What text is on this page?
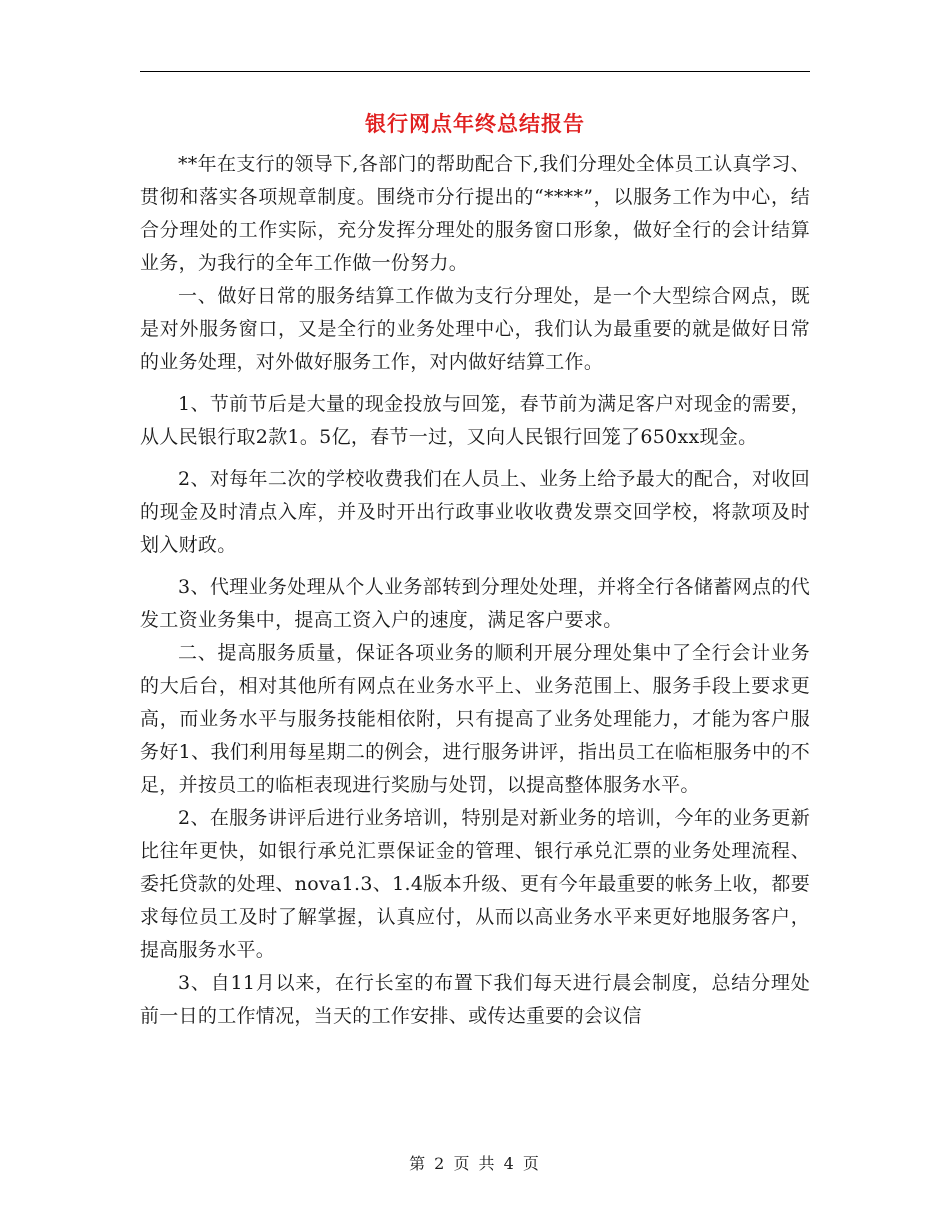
银行网点年终总结报告

**年在支行的领导下,各部门的帮助配合下,我们分理处全体员工认真学习、贯彻和落实各项规章制度。围绕市分行提出的“****”，以服务工作为中心，结合分理处的工作实际，充分发挥分理处的服务窗口形象，做好全行的会计结算业务，为我行的全年工作做一份努力。

一、做好日常的服务结算工作做为支行分理处，是一个大型综合网点，既是对外服务窗口，又是全行的业务处理中心，我们认为最重要的就是做好日常的业务处理，对外做好服务工作，对内做好结算工作。

1、节前节后是大量的现金投放与回笼，春节前为满足客户对现金的需要，从人民银行取2款1。5亿，春节一过，又向人民银行回笼了650xx现金。

2、对每年二次的学校收费我们在人员上、业务上给予最大的配合，对收回的现金及时清点入库，并及时开出行政事业收收费发票交回学校，将款项及时划入财政。

3、代理业务处理从个人业务部转到分理处处理，并将全行各储蓄网点的代发工资业务集中，提高工资入户的速度，满足客户要求。

二、提高服务质量，保证各项业务的顺利开展分理处集中了全行会计业务的大后台，相对其他所有网点在业务水平上、业务范围上、服务手段上要求更高，而业务水平与服务技能相依附，只有提高了业务处理能力，才能为客户服务好1、我们利用每星期二的例会，进行服务讲评，指出员工在临柜服务中的不足，并按员工的临柜表现进行奖励与处罚，以提高整体服务水平。

2、在服务讲评后进行业务培训，特别是对新业务的培训，今年的业务更新比往年更快，如银行承兑汇票保证金的管理、银行承兑汇票的业务处理流程、委托贷款的处理、nova1.3、1.4版本升级、更有今年最重要的帐务上收，都要求每位员工及时了解掌握，认真应付，从而以高业务水平来更好地服务客户，提高服务水平。

3、自11月以来，在行长室的布置下我们每天进行晨会制度，总结分理处前一日的工作情况，当天的工作安排、或传达重要的会议信

第 2 页 共 4 页
